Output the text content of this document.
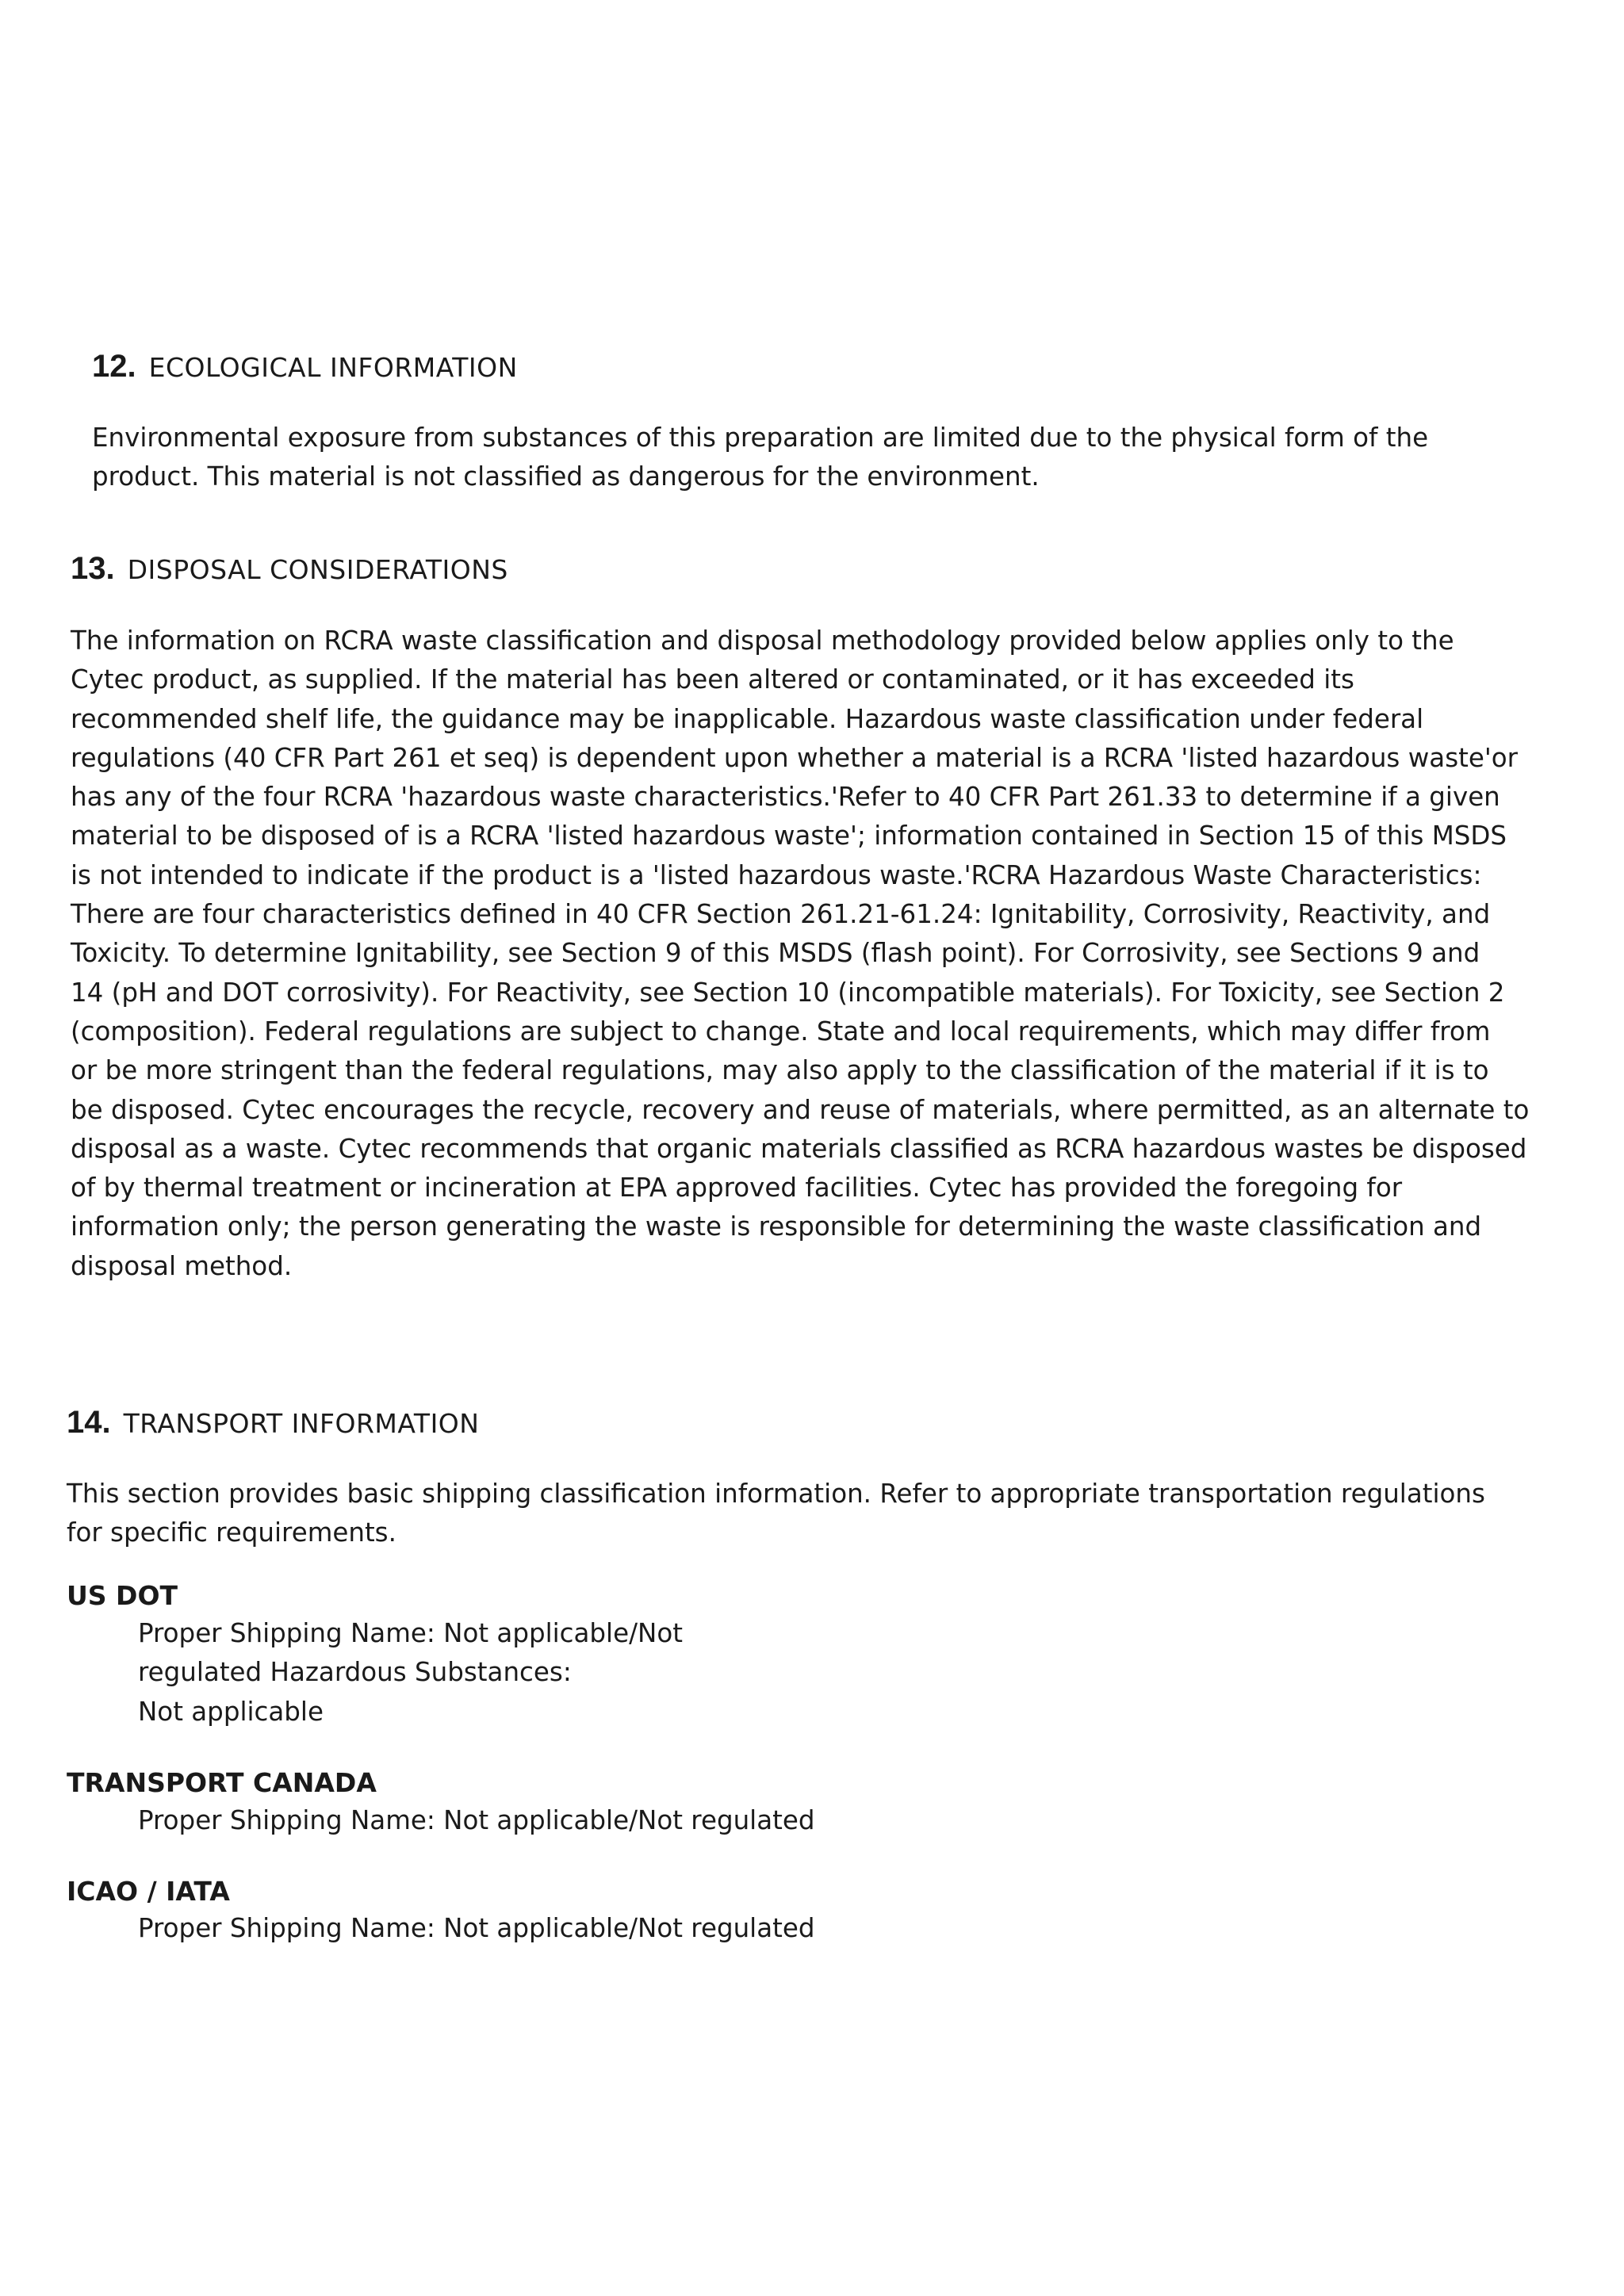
12. ECOLOGICAL INFORMATION
Environmental exposure from substances of this preparation are limited due to the physical form of the
product. This material is not classified as dangerous for the environment.
13. DISPOSAL CONSIDERATIONS
The information on RCRA waste classification and disposal methodology provided below applies only to the
Cytec product, as supplied. If the material has been altered or contaminated, or it has exceeded its
recommended shelf life, the guidance may be inapplicable. Hazardous waste classification under federal
regulations (40 CFR Part 261 et seq) is dependent upon whether a material is a RCRA 'listed hazardous waste'or
has any of the four RCRA 'hazardous waste characteristics.'Refer to 40 CFR Part 261.33 to determine if a given
material to be disposed of is a RCRA 'listed hazardous waste'; information contained in Section 15 of this MSDS
is not intended to indicate if the product is a 'listed hazardous waste.'RCRA Hazardous Waste Characteristics:
There are four characteristics defined in 40 CFR Section 261.21-61.24: Ignitability, Corrosivity, Reactivity, and
Toxicity. To determine Ignitability, see Section 9 of this MSDS (flash point). For Corrosivity, see Sections 9 and
14 (pH and DOT corrosivity). For Reactivity, see Section 10 (incompatible materials). For Toxicity, see Section 2
(composition). Federal regulations are subject to change. State and local requirements, which may differ from
or be more stringent than the federal regulations, may also apply to the classification of the material if it is to
be disposed. Cytec encourages the recycle, recovery and reuse of materials, where permitted, as an alternate to
disposal as a waste. Cytec recommends that organic materials classified as RCRA hazardous wastes be disposed
of by thermal treatment or incineration at EPA approved facilities. Cytec has provided the foregoing for
information only; the person generating the waste is responsible for determining the waste classification and
disposal method.
14. TRANSPORT INFORMATION
This section provides basic shipping classification information. Refer to appropriate transportation regulations
for specific requirements.
US DOT
Proper Shipping Name: Not applicable/Not
regulated Hazardous Substances:
Not applicable
TRANSPORT CANADA
Proper Shipping Name: Not applicable/Not regulated
ICAO / IATA
Proper Shipping Name: Not applicable/Not regulated
